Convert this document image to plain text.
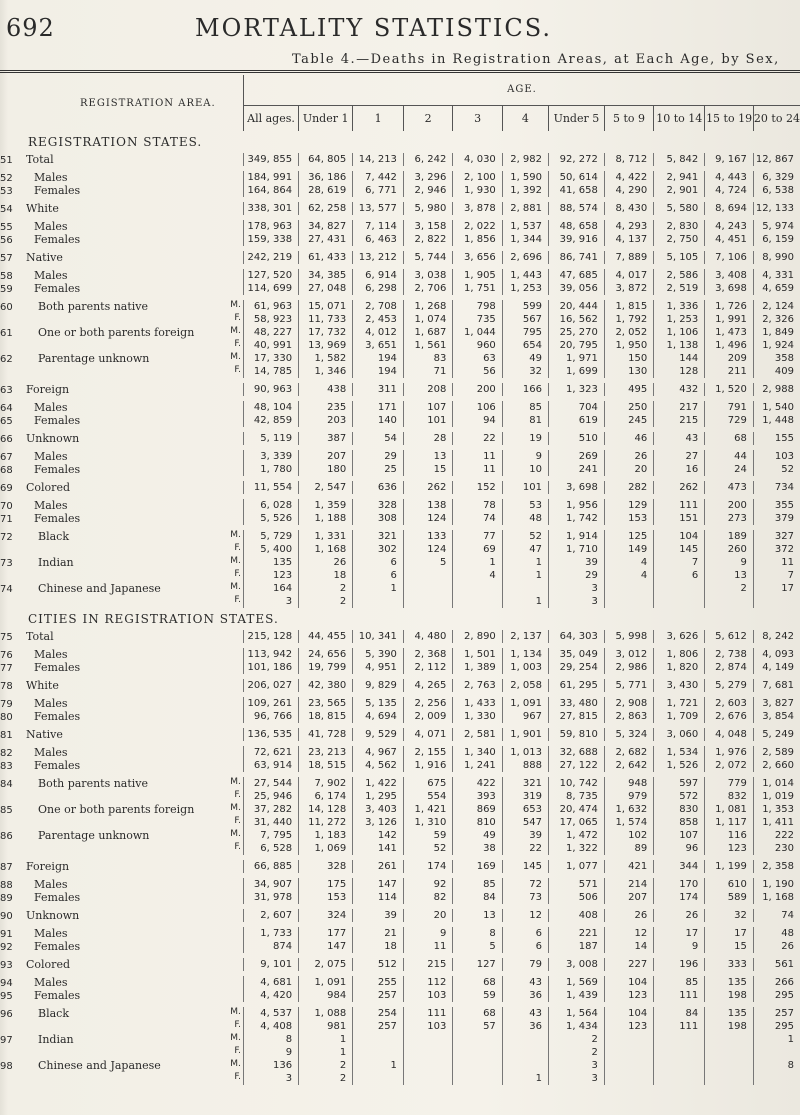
692	MORTALITY STATISTICS.
Table 4.—Deaths in Registration Areas, at Each Age, by Sex,
REGISTRATION AREA.	AGE.										
	All ages.	Under 1	1	2	3	4	Under 5	5 to 9	10 to 14	15 to 19	20 to 24
REGISTRATION STATES.											
51 Total	349, 855	64, 805	14, 213	6, 242	4, 030	2, 982	92, 272	8, 712	5, 842	9, 167	12, 867

52 Males	184, 991	36, 186	7, 442	3, 296	2, 100	1, 590	50, 614	4, 422	2, 941	4, 443	6, 329
53 Females	164, 864	28, 619	6, 771	2, 946	1, 930	1, 392	41, 658	4, 290	2, 901	4, 724	6, 538

54 White	338, 301	62, 258	13, 577	5, 980	3, 878	2, 881	88, 574	8, 430	5, 580	8, 694	12, 133

55 Males	178, 963	34, 827	7, 114	3, 158	2, 022	1, 537	48, 658	4, 293	2, 830	4, 243	5, 974
56 Females	159, 338	27, 431	6, 463	2, 822	1, 856	1, 344	39, 916	4, 137	2, 750	4, 451	6, 159

57 Native	242, 219	61, 433	13, 212	5, 744	3, 656	2, 696	86, 741	7, 889	5, 105	7, 106	8, 990

58 Males	127, 520	34, 385	6, 914	3, 038	1, 905	1, 443	47, 685	4, 017	2, 586	3, 408	4, 331
59 Females	114, 699	27, 048	6, 298	2, 706	1, 751	1, 253	39, 056	3, 872	2, 519	3, 698	4, 659

60 Both parents native M.	61, 963	15, 071	2, 708	1, 268	798	599	20, 444	1, 815	1, 336	1, 726	2, 124

F.	58, 923	11, 733	2, 453	1, 074	735	567	16, 562	1, 792	1, 253	1, 991	2, 326
61 One or both parents foreign M.	48, 227	17, 732	4, 012	1, 687	1, 044	795	25, 270	2, 052	1, 106	1, 473	1, 849

F.	40, 991	13, 969	3, 651	1, 561	960	654	20, 795	1, 950	1, 138	1, 496	1, 924
62 Parentage unknown M.	17, 330	1, 582	194	83	63	49	1, 971	150	144	209	358

F.	14, 785	1, 346	194	71	56	32	1, 699	130	128	211	409

63 Foreign	90, 963	438	311	208	200	166	1, 323	495	432	1, 520	2, 988

64 Males	48, 104	235	171	107	106	85	704	250	217	791	1, 540
65 Females	42, 859	203	140	101	94	81	619	245	215	729	1, 448

66 Unknown	5, 119	387	54	28	22	19	510	46	43	68	155

67 Males	3, 339	207	29	13	11	9	269	26	27	44	103
68 Females	1, 780	180	25	15	11	10	241	20	16	24	52

69 Colored	11, 554	2, 547	636	262	152	101	3, 698	282	262	473	734

70 Males	6, 028	1, 359	328	138	78	53	1, 956	129	111	200	355
71 Females	5, 526	1, 188	308	124	74	48	1, 742	153	151	273	379

72 Black M.	5, 729	1, 331	321	133	77	52	1, 914	125	104	189	327

F.	5, 400	1, 168	302	124	69	47	1, 710	149	145	260	372
73 Indian M.	135	26	6	5	1	1	39	4	7	9	11

F.	123	18	6		4	1	29	4	6	13	7
74 Chinese and Japanese M.	164	2	1				3			2	17

F.	3	2				1	3				
CITIES IN REGISTRATION STATES.											
75 Total	215, 128	44, 455	10, 341	4, 480	2, 890	2, 137	64, 303	5, 998	3, 626	5, 612	8, 242

76 Males	113, 942	24, 656	5, 390	2, 368	1, 501	1, 134	35, 049	3, 012	1, 806	2, 738	4, 093
77 Females	101, 186	19, 799	4, 951	2, 112	1, 389	1, 003	29, 254	2, 986	1, 820	2, 874	4, 149

78 White	206, 027	42, 380	9, 829	4, 265	2, 763	2, 058	61, 295	5, 771	3, 430	5, 279	7, 681

79 Males	109, 261	23, 565	5, 135	2, 256	1, 433	1, 091	33, 480	2, 908	1, 721	2, 603	3, 827
80 Females	96, 766	18, 815	4, 694	2, 009	1, 330	967	27, 815	2, 863	1, 709	2, 676	3, 854

81 Native	136, 535	41, 728	9, 529	4, 071	2, 581	1, 901	59, 810	5, 324	3, 060	4, 048	5, 249

82 Males	72, 621	23, 213	4, 967	2, 155	1, 340	1, 013	32, 688	2, 682	1, 534	1, 976	2, 589
83 Females	63, 914	18, 515	4, 562	1, 916	1, 241	888	27, 122	2, 642	1, 526	2, 072	2, 660

84 Both parents native M.	27, 544	7, 902	1, 422	675	422	321	10, 742	948	597	779	1, 014

F.	25, 946	6, 174	1, 295	554	393	319	8, 735	979	572	832	1, 019
85 One or both parents foreign M.	37, 282	14, 128	3, 403	1, 421	869	653	20, 474	1, 632	830	1, 081	1, 353

F.	31, 440	11, 272	3, 126	1, 310	810	547	17, 065	1, 574	858	1, 117	1, 411
86 Parentage unknown M.	7, 795	1, 183	142	59	49	39	1, 472	102	107	116	222

F.	6, 528	1, 069	141	52	38	22	1, 322	89	96	123	230

87 Foreign	66, 885	328	261	174	169	145	1, 077	421	344	1, 199	2, 358

88 Males	34, 907	175	147	92	85	72	571	214	170	610	1, 190
89 Females	31, 978	153	114	82	84	73	506	207	174	589	1, 168

90 Unknown	2, 607	324	39	20	13	12	408	26	26	32	74

91 Males	1, 733	177	21	9	8	6	221	12	17	17	48
92 Females	874	147	18	11	5	6	187	14	9	15	26

93 Colored	9, 101	2, 075	512	215	127	79	3, 008	227	196	333	561

94 Males	4, 681	1, 091	255	112	68	43	1, 569	104	85	135	266
95 Females	4, 420	984	257	103	59	36	1, 439	123	111	198	295

96 Black M.	4, 537	1, 088	254	111	68	43	1, 564	104	84	135	257

F.	4, 408	981	257	103	57	36	1, 434	123	111	198	295
97 Indian M.	8	1					2				1

F.	9	1					2				
98 Chinese and Japanese M.	136	2	1				3				8

F.	3	2				1	3				
